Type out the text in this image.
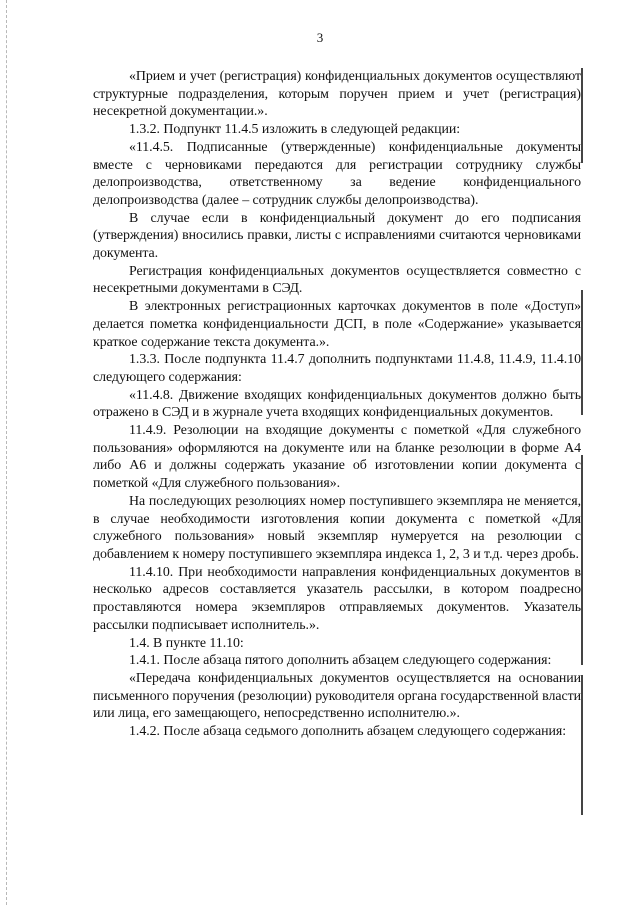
3

«Прием и учет (регистрация) конфиденциальных документов осуществляют структурные подразделения, которым поручен прием и учет (регистрация) несекретной документации.».

1.3.2. Подпункт 11.4.5 изложить в следующей редакции:

«11.4.5. Подписанные (утвержденные) конфиденциальные документы вместе с черновиками передаются для регистрации сотруднику службы делопроизводства, ответственному за ведение конфиденциального делопроизводства (далее – сотрудник службы делопроизводства).

В случае если в конфиденциальный документ до его подписания (утверждения) вносились правки, листы с исправлениями считаются черновиками документа.

Регистрация конфиденциальных документов осуществляется совместно с несекретными документами в СЭД.

В электронных регистрационных карточках документов в поле «Доступ» делается пометка конфиденциальности ДСП, в поле «Содержание» указывается краткое содержание текста документа.».

1.3.3. После подпункта 11.4.7 дополнить подпунктами 11.4.8, 11.4.9, 11.4.10 следующего содержания:

«11.4.8. Движение входящих конфиденциальных документов должно быть отражено в СЭД и в журнале учета входящих конфиденциальных документов.

11.4.9. Резолюции на входящие документы с пометкой «Для служебного пользования» оформляются на документе или на бланке резолюции в форме А4 либо А6 и должны содержать указание об изготовлении копии документа с пометкой «Для служебного пользования».

На последующих резолюциях номер поступившего экземпляра не меняется, в случае необходимости изготовления копии документа с пометкой «Для служебного пользования» новый экземпляр нумеруется на резолюции с добавлением к номеру поступившего экземпляра индекса 1, 2, 3 и т.д. через дробь.

11.4.10. При необходимости направления конфиденциальных документов в несколько адресов составляется указатель рассылки, в котором поадресно проставляются номера экземпляров отправляемых документов. Указатель рассылки подписывает исполнитель.».

1.4. В пункте 11.10:

1.4.1. После абзаца пятого дополнить абзацем следующего содержания:

«Передача конфиденциальных документов осуществляется на основании письменного поручения (резолюции) руководителя органа государственной власти или лица, его замещающего, непосредственно исполнителю.».

1.4.2. После абзаца седьмого дополнить абзацем следующего содержания:
